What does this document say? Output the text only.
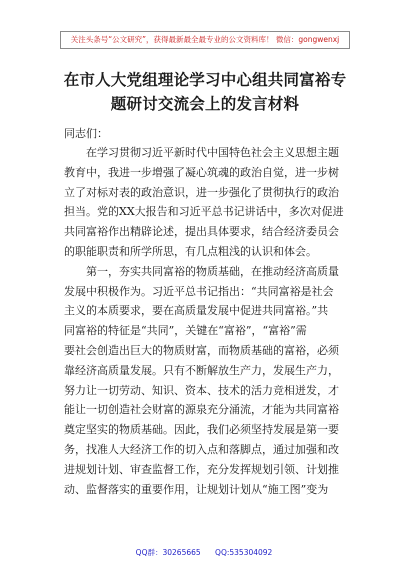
关注头条号“公文研究”，获得最新最全最专业的公文资料库！ 微信：gongwenxj
在市人大党组理论学习中心组共同富裕专
题研讨交流会上的发言材料
同志们：
在学习贯彻习近平新时代中国特色社会主义思想主题
教育中，我进一步增强了凝心筑魂的政治自觉，进一步树
立了对标对表的政治意识，进一步强化了贯彻执行的政治
担当。党的XX大报告和习近平总书记讲话中，多次对促进
共同富裕作出精辟论述，提出具体要求，结合经济委员会
的职能职责和所学所思，有几点粗浅的认识和体会。
第一，夯实共同富裕的物质基础，在推动经济高质量
发展中积极作为。习近平总书记指出：“共同富裕是社会
主义的本质要求，要在高质量发展中促进共同富裕。”共
同富裕的特征是“共同”，关键在“富裕”，“富裕”需
要社会创造出巨大的物质财富，而物质基础的富裕，必须
靠经济高质量发展。只有不断解放生产力，发展生产力，
努力让一切劳动、知识、资本、技术的活力竞相迸发，才
能让一切创造社会财富的源泉充分涌流，才能为共同富裕
奠定坚实的物质基础。因此，我们必须坚持发展是第一要
务，找准人大经济工作的切入点和落脚点，通过加强和改
进规划计划、审查监督工作，充分发挥规划引领、计划推
动、监督落实的重要作用，让规划计划从“施工图”变为
QQ群：30265665 QQ:535304092
